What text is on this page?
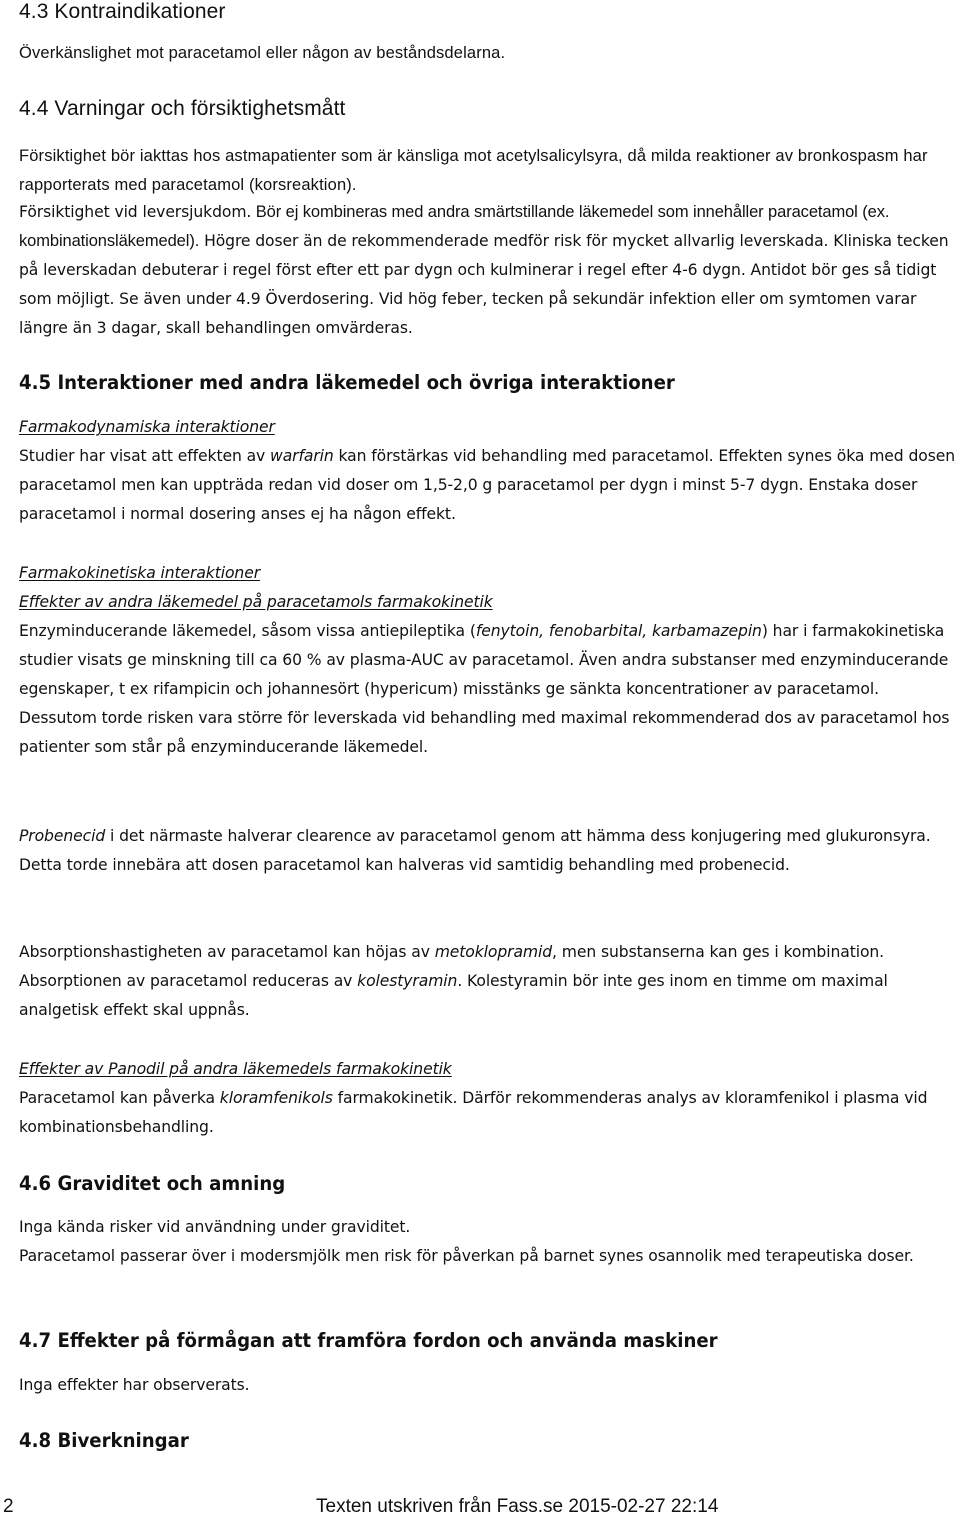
4.3 Kontraindikationer

Överkänslighet mot paracetamol eller någon av beståndsdelarna.

4.4 Varningar och försiktighetsmått

Försiktighet bör iakttas hos astmapatienter som är känsliga mot acetylsalicylsyra, då milda reaktioner av bronkospasm har rapporterats med paracetamol (korsreaktion).

Försiktighet vid leversjukdom. Bör ej kombineras med andra smärtstillande läkemedel som innehåller paracetamol (ex. kombinationsläkemedel). Högre doser än de rekommenderade medför risk för mycket allvarlig leverskada. Kliniska tecken på leverskadan debuterar i regel först efter ett par dygn och kulminerar i regel efter 4-6 dygn. Antidot bör ges så tidigt som möjligt. Se även under 4.9 Överdosering. Vid hög feber, tecken på sekundär infektion eller om symtomen varar längre än 3 dagar, skall behandlingen omvärderas.

4.5 Interaktioner med andra läkemedel och övriga interaktioner

Farmakodynamiska interaktioner

Studier har visat att effekten av warfarin kan förstärkas vid behandling med paracetamol. Effekten synes öka med dosen paracetamol men kan uppträda redan vid doser om 1,5-2,0 g paracetamol per dygn i minst 5-7 dygn. Enstaka doser paracetamol i normal dosering anses ej ha någon effekt.

Farmakokinetiska interaktioner

Effekter av andra läkemedel på paracetamols farmakokinetik

Enzyminducerande läkemedel, såsom vissa antiepileptika (fenytoin, fenobarbital, karbamazepin) har i farmakokinetiska studier visats ge minskning till ca 60 % av plasma-AUC av paracetamol. Även andra substanser med enzyminducerande egenskaper, t ex rifampicin och johannesört (hypericum) misstänks ge sänkta koncentrationer av paracetamol. Dessutom torde risken vara större för leverskada vid behandling med maximal rekommenderad dos av paracetamol hos patienter som står på enzyminducerande läkemedel.

Probenecid i det närmaste halverar clearence av paracetamol genom att hämma dess konjugering med glukuronsyra. Detta torde innebära att dosen paracetamol kan halveras vid samtidig behandling med probenecid.

Absorptionshastigheten av paracetamol kan höjas av metoklopramid, men substanserna kan ges i kombination. Absorptionen av paracetamol reduceras av kolestyramin. Kolestyramin bör inte ges inom en timme om maximal analgetisk effekt skal uppnås.

Effekter av Panodil på andra läkemedels farmakokinetik

Paracetamol kan påverka kloramfenikols farmakokinetik. Därför rekommenderas analys av kloramfenikol i plasma vid kombinationsbehandling.

4.6 Graviditet och amning

Inga kända risker vid användning under graviditet.

Paracetamol passerar över i modersmjölk men risk för påverkan på barnet synes osannolik med terapeutiska doser.

4.7 Effekter på förmågan att framföra fordon och använda maskiner

Inga effekter har observerats.

4.8 Biverkningar
2	Texten utskriven från Fass.se 2015-02-27 22:14
